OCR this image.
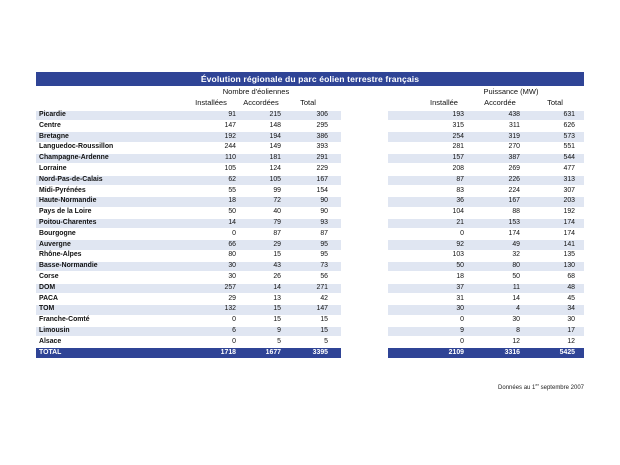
Évolution régionale du parc éolien terrestre français
Nombre d'éoliennes	Puissance (MW)
Installées	Accordées	Total	Installée	Accordée	Total
Picardie	91	215	306	193	438	631
Centre	147	148	295	315	311	626
Bretagne	192	194	386	254	319	573
Languedoc-Roussillon	244	149	393	281	270	551
Champagne-Ardenne	110	181	291	157	387	544
Lorraine	105	124	229	208	269	477
Nord-Pas-de-Calais	62	105	167	87	226	313
Midi-Pyrénées	55	99	154	83	224	307
Haute-Normandie	18	72	90	36	167	203
Pays de la Loire	50	40	90	104	88	192
Poitou-Charentes	14	79	93	21	153	174
Bourgogne	0	87	87	0	174	174
Auvergne	66	29	95	92	49	141
Rhône-Alpes	80	15	95	103	32	135
Basse-Normandie	30	43	73	50	80	130
Corse	30	26	56	18	50	68
DOM	257	14	271	37	11	48
PACA	29	13	42	31	14	45
TOM	132	15	147	30	4	34
Franche-Comté	0	15	15	0	30	30
Limousin	6	9	15	9	8	17
Alsace	0	5	5	0	12	12
TOTAL	1718	1677	3395	2109	3316	5425
Données au 1er septembre 2007
